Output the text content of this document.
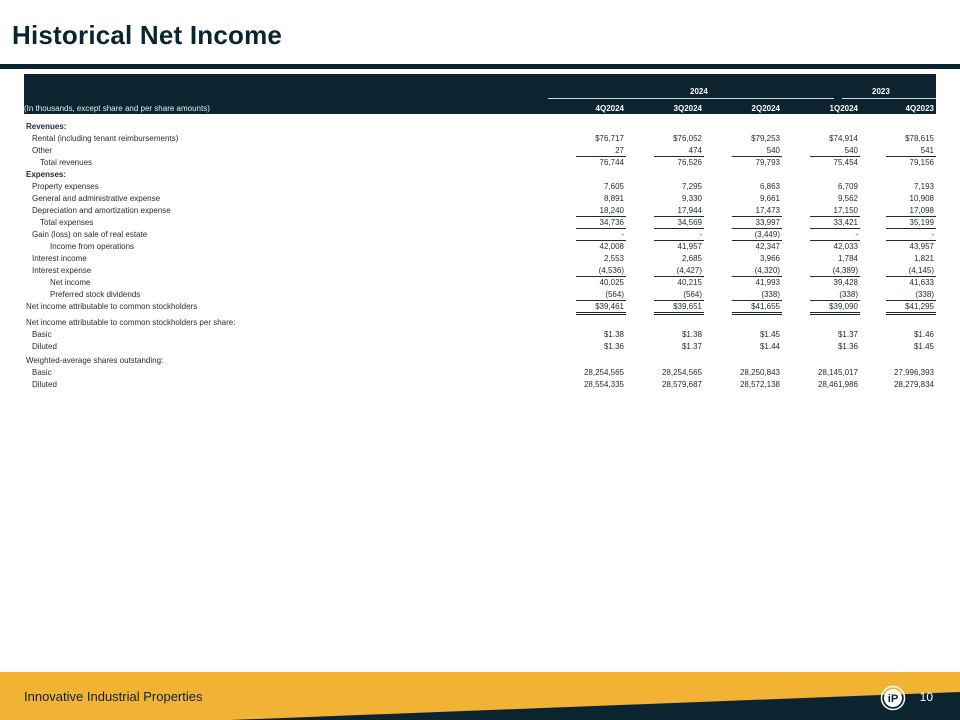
Historical Net Income
2024	2023
(In thousands, except share and per share amounts)	4Q2024	3Q2024	2Q2024	1Q2024	4Q2023
Revenues:
Rental (including tenant reimbursements)	$76,717	$76,052	$79,253	$74,914	$78,615
Other	27	474	540	540	541
Total revenues	76,744	76,526	79,793	75,454	79,156
Expenses:
Property expenses	7,605	7,295	6,863	6,709	7,193
General and administrative expense	8,891	9,330	9,661	9,562	10,908
Depreciation and amortization expense	18,240	17,944	17,473	17,150	17,098
Total expenses	34,736	34,569	33,997	33,421	35,199
Gain (loss) on sale of real estate	-	-	(3,449)	-	-
Income from operations	42,008	41,957	42,347	42,033	43,957
Interest income	2,553	2,685	3,966	1,784	1,821
Interest expense	(4,536)	(4,427)	(4,320)	(4,389)	(4,145)
Net income	40,025	40,215	41,993	39,428	41,633
Preferred stock dividends	(564)	(564)	(338)	(338)	(338)
Net income attributable to common stockholders	$39,461	$39,651	$41,655	$39,090	$41,295
Net income attributable to common stockholders per share:
Basic	$1.38	$1.38	$1.45	$1.37	$1.46
Diluted	$1.36	$1.37	$1.44	$1.36	$1.45
Weighted-average shares outstanding:
Basic	28,254,565	28,254,565	28,250,843	28,145,017	27,996,393
Diluted	28,554,335	28,579,687	28,572,138	28,461,986	28,279,834
Innovative Industrial Properties	iP 10
